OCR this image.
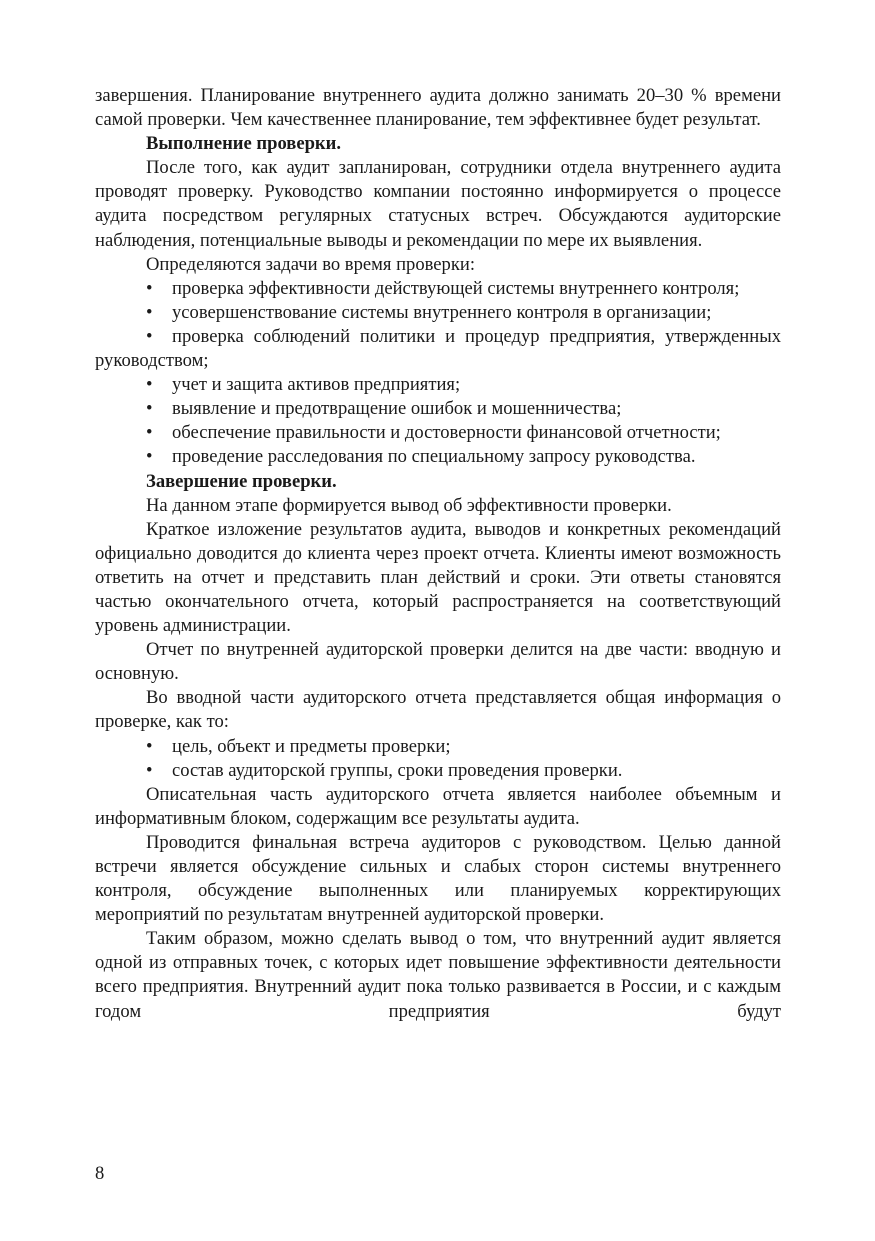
завершения. Планирование внутреннего аудита должно занимать 20–30 % времени самой проверки. Чем качественнее планирование, тем эффективнее будет результат.

Выполнение проверки.

После того, как аудит запланирован, сотрудники отдела внутреннего аудита проводят проверку. Руководство компании постоянно информируется о процессе аудита посредством регулярных статусных встреч. Обсуждаются аудиторские наблюдения, потенциальные выводы и рекомендации по мере их выявления.

Определяются задачи во время проверки:

• проверка эффективности действующей системы внутреннего контроля;

• усовершенствование системы внутреннего контроля в организации;

• проверка соблюдений политики и процедур предприятия, утвержденных руководством;

• учет и защита активов предприятия;

• выявление и предотвращение ошибок и мошенничества;

• обеспечение правильности и достоверности финансовой отчетности;

• проведение расследования по специальному запросу руководства.

Завершение проверки.

На данном этапе формируется вывод об эффективности проверки.

Краткое изложение результатов аудита, выводов и конкретных рекомендаций официально доводится до клиента через проект отчета. Клиенты имеют возможность ответить на отчет и представить план действий и сроки. Эти ответы становятся частью окончательного отчета, который распространяется на соответствующий уровень администрации.

Отчет по внутренней аудиторской проверки делится на две части: вводную и основную.

Во вводной части аудиторского отчета представляется общая информация о проверке, как то:

• цель, объект и предметы проверки;

• состав аудиторской группы, сроки проведения проверки.

Описательная часть аудиторского отчета является наиболее объемным и информативным блоком, содержащим все результаты аудита.

Проводится финальная встреча аудиторов с руководством. Целью данной встречи является обсуждение сильных и слабых сторон системы внутреннего контроля, обсуждение выполненных или планируемых корректирующих мероприятий по результатам внутренней аудиторской проверки.

Таким образом, можно сделать вывод о том, что внутренний аудит является одной из отправных точек, с которых идет повышение эффективности деятельности всего предприятия. Внутренний аудит пока только развивается в России, и с каждым годом предприятия будут

8
